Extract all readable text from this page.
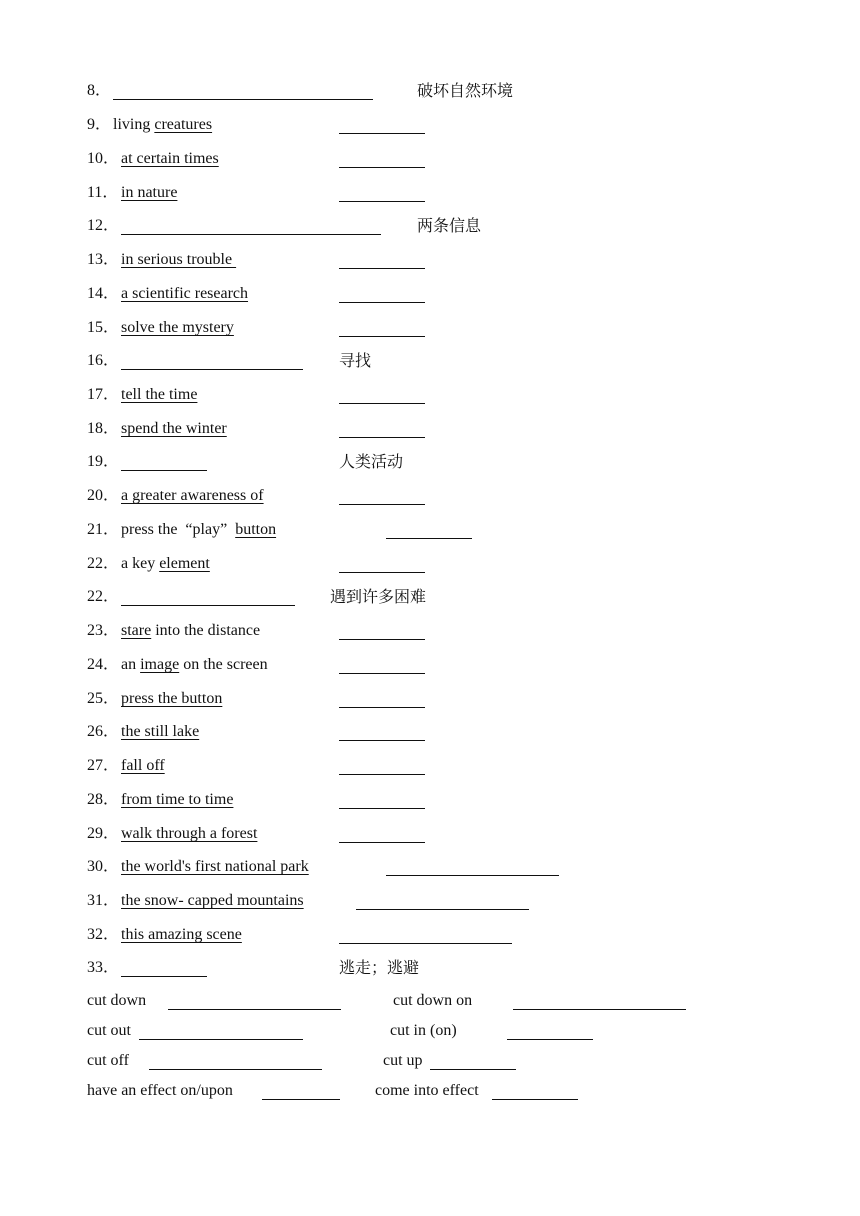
8．	破坏自然环境
9． living creatures
10． at certain times
11． in nature
12．	两条信息
13． in serious trouble
14． a scientific research
15． solve the mystery
16．	寻找
17． tell the time
18． spend the winter
19．	人类活动
20． a greater awareness of
21． press the  “play”  button
22． a key element
22．	遇到许多困难
23． stare into the distance
24． an image on the screen
25． press the button
26． the still lake
27． fall off
28． from time to time
29． walk through a forest
30． the world's first national park
31． the snow- capped mountains
32． this amazing scene
33．	逃走；逃避
cut down	cut down on
cut out	cut in (on)
cut off	cut up
have an effect on/upon	come into effect
